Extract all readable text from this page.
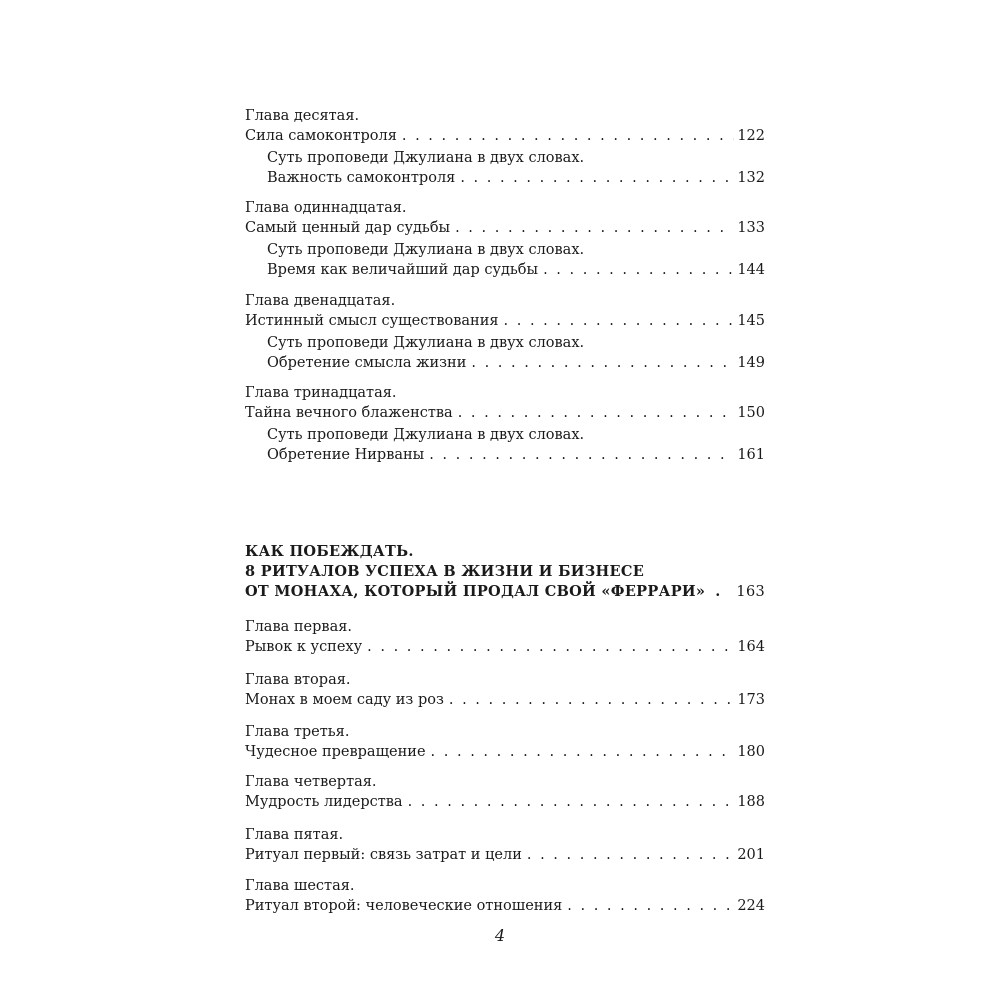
Глава десятая.
Сила самоконтроля . . .	122
Суть проповеди Джулиана в двух словах.
Важность самоконтроля . . .	132
Глава одиннадцатая.
Самый ценный дар судьбы . . .	133
Суть проповеди Джулиана в двух словах.
Время как величайший дар судьбы . . .	144
Глава двенадцатая.
Истинный смысл существования . . .	145
Суть проповеди Джулиана в двух словах.
Обретение смысла жизни . . .	149
Глава тринадцатая.
Тайна вечного блаженства . . .	150
Суть проповеди Джулиана в двух словах.
Обретение Нирваны . . .	161
КАК ПОБЕЖДАТЬ.
8 РИТУАЛОВ УСПЕХА В ЖИЗНИ И БИЗНЕСЕ
ОТ МОНАХА, КОТОРЫЙ ПРОДАЛ СВОЙ «ФЕРРАРИ» . . . 163
Глава первая.
Рывок к успеху . . .	164
Глава вторая.
Монах в моем саду из роз . . .	173
Глава третья.
Чудесное превращение . . .	180
Глава четвертая.
Мудрость лидерства . . .	188
Глава пятая.
Ритуал первый: связь затрат и цели . . .	201
Глава шестая.
Ритуал второй: человеческие отношения . . .	224
4
